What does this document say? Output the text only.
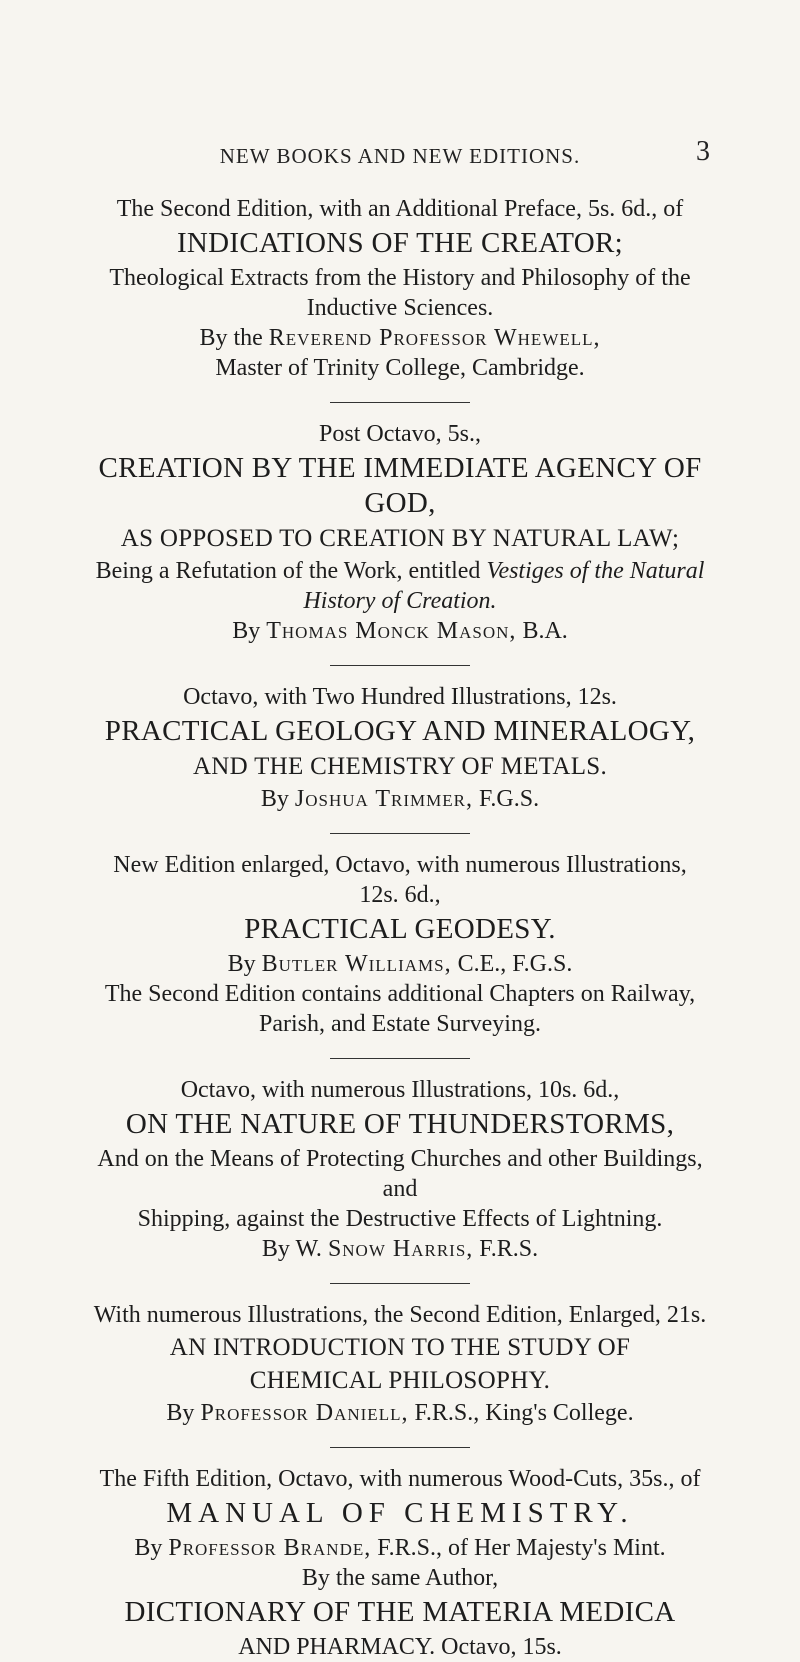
NEW BOOKS AND NEW EDITIONS.	3

The Second Edition, with an Additional Preface, 5s. 6d., of

INDICATIONS OF THE CREATOR;

Theological Extracts from the History and Philosophy of the

Inductive Sciences.

By the Reverend Professor Whewell,

Master of Trinity College, Cambridge.

Post Octavo, 5s.,

CREATION BY THE IMMEDIATE AGENCY OF GOD,

AS OPPOSED TO CREATION BY NATURAL LAW;

Being a Refutation of the Work, entitled Vestiges of the Natural

History of Creation.

By Thomas Monck Mason, B.A.

Octavo, with Two Hundred Illustrations, 12s.

PRACTICAL GEOLOGY AND MINERALOGY,

AND THE CHEMISTRY OF METALS.

By Joshua Trimmer, F.G.S.

New Edition enlarged, Octavo, with numerous Illustrations, 12s. 6d.,

PRACTICAL GEODESY.

By Butler Williams, C.E., F.G.S.

The Second Edition contains additional Chapters on Railway,

Parish, and Estate Surveying.

Octavo, with numerous Illustrations, 10s. 6d.,

ON THE NATURE OF THUNDERSTORMS,

And on the Means of Protecting Churches and other Buildings, and

Shipping, against the Destructive Effects of Lightning.

By W. Snow Harris, F.R.S.

With numerous Illustrations, the Second Edition, Enlarged, 21s.

AN INTRODUCTION TO THE STUDY OF

CHEMICAL PHILOSOPHY.

By Professor Daniell, F.R.S., King's College.

The Fifth Edition, Octavo, with numerous Wood-Cuts, 35s., of

MANUAL OF CHEMISTRY.

By Professor Brande, F.R.S., of Her Majesty's Mint.

By the same Author,

DICTIONARY OF THE MATERIA MEDICA

AND PHARMACY. Octavo, 15s.
